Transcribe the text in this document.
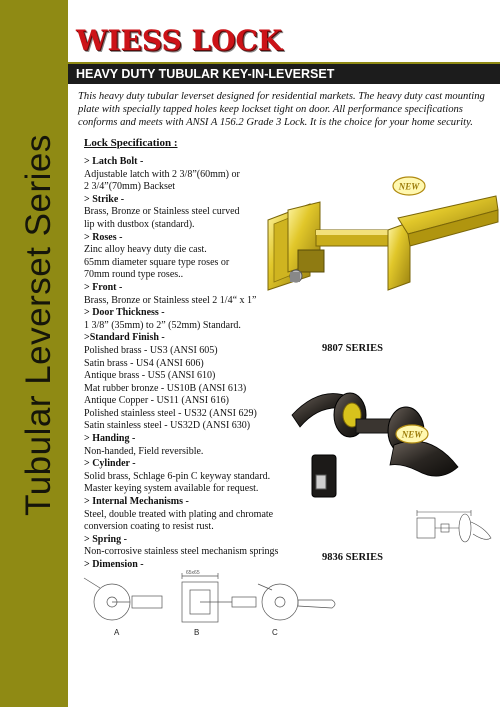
Tubular Leverset Series
WIESS LOCK
HEAVY DUTY TUBULAR KEY-IN-LEVERSET
This heavy duty tubular leverset designed for residential markets. The heavy duty cast mounting plate with specially tapped holes keep lockset tight on door. All performance specifications conforms and meets with ANSI A 156.2 Grade 3 Lock. It is the choice for your home security.
Lock Specification :
> Latch Bolt -
Adjustable latch with 2 3/8”(60mm) or
2 3/4”(70mm) Backset
> Strike -
Brass, Bronze or Stainless steel curved
lip with dustbox (standard).
> Roses -
Zinc alloy heavy duty die cast.
65mm diameter square type roses or
70mm round type roses..
> Front -
Brass, Bronze or Stainless steel 2 1/4“ x 1”
> Door Thickness -
1 3/8” (35mm) to 2” (52mm) Standard.
>Standard Finish -
Polished brass - US3 (ANSI 605)
Satin brass - US4 (ANSI 606)
Antique brass - US5 (ANSI 610)
Mat rubber bronze - US10B (ANSI 613)
Antique Copper - US11 (ANSI 616)
Polished stainless steel - US32 (ANSI 629)
Satin stainless steel - US32D (ANSI 630)
> Handing -
Non-handed, Field reversible.
> Cylinder -
Solid brass, Schlage 6-pin C keyway standard.
Master keying system available for request.
> Internal Mechanisms -
Steel, double treated with plating and chromate
conversion coating to resist rust.
> Spring -
Non-corrosive stainless steel mechanism springs
> Dimension -
NEW
9807 SERIES
NEW
9836 SERIES
65x65
A	B	C
